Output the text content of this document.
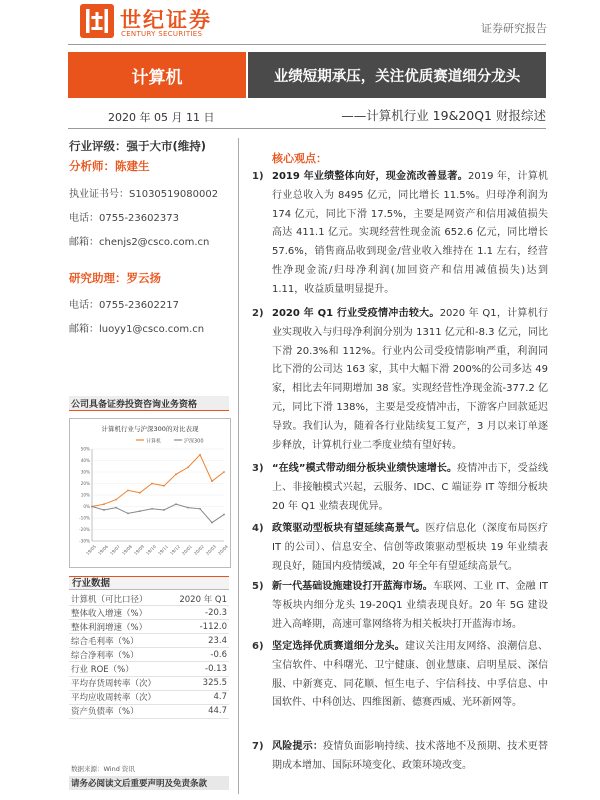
世纪证券
CENTURY SECURITIES	证券研究报告
计算机	业绩短期承压，关注优质赛道细分龙头
2020 年 05 月 11 日	——计算机行业 19&20Q1 财报综述
行业评级：强于大市(维持)
分析师：陈建生
执业证书号：S1030519080002
电话：0755-23602373
邮箱：chenjs2@csco.com.cn
研究助理：罗云扬
电话：0755-23602217
邮箱：luoyy1@csco.com.cn
公司具备证券投资咨询业务资格
计算机行业与沪深300的对比表现
计算机	沪深300
50%
40%
30%
20%
10%
0%
-10%
-20%
-30%
19/05 19/06 19/07 19/08 19/09 19/10 19/11 19/12 20/01 20/02 20/03 20/04
行业数据
计算机（可比口径）	2020 年 Q1
整体收入增速（%）	-20.3
整体利润增速（%）	-112.0
综合毛利率（%）	23.4
综合净利率（%）	-0.6
行业 ROE（%）	-0.13
平均存货周转率（次）	325.5
平均应收周转率（次）	4.7
资产负债率（%）	44.7
数据来源：Wind 资讯
请务必阅读文后重要声明及免责条款
核心观点：
1) 2019 年业绩整体向好，现金流改善显著。2019 年，计算机行业总收入为 8495 亿元，同比增长 11.5%。归母净利润为 174 亿元，同比下滑 17.5%，主要是网资产和信用减值损失高达 411.1 亿元。实现经营性现金流 652.6 亿元，同比增长 57.6%，销售商品收到现金/营业收入维持在 1.1 左右，经营性净现金流/归母净利润(加回资产和信用减值损失)达到 1.11，收益质量明显提升。
2) 2020 年 Q1 行业受疫情冲击较大。2020 年 Q1，计算机行业实现收入与归母净利润分别为 1311 亿元和-8.3 亿元，同比下滑 20.3%和 112%。行业内公司受疫情影响严重，利润同比下滑的公司达 163 家，其中大幅下滑 200%的公司多达 49 家，相比去年同期增加 38 家。实现经营性净现金流-377.2 亿元，同比下滑 138%，主要是受疫情冲击，下游客户回款延迟导致。我们认为，随着各行业陆续复工复产，3 月以来订单逐步释放，计算机行业二季度业绩有望好转。
3) “在线”模式带动细分板块业绩快速增长。疫情冲击下，受益线上、非接触模式兴起，云服务、IDC、C 端证券 IT 等细分板块 20 年 Q1 业绩表现优异。
4) 政策驱动型板块有望延续高景气。医疗信息化（深度布局医疗 IT 的公司）、信息安全、信创等政策驱动型板块 19 年业绩表现良好，随国内疫情缓减，20 年全年有望延续高景气。
5) 新一代基础设施建设打开蓝海市场。车联网、工业 IT、金融 IT 等板块内细分龙头 19-20Q1 业绩表现良好。20 年 5G 建设进入高峰期，高速可靠网络将为相关板块打开蓝海市场。
6) 坚定选择优质赛道细分龙头。建议关注用友网络、浪潮信息、宝信软件、中科曙光、卫宁健康、创业慧康、启明星辰、深信服、中新赛克、同花顺、恒生电子、宇信科技、中孚信息、中国软件、中科创达、四维图新、德赛西威、光环新网等。
7) 风险提示：疫情负面影响持续、技术落地不及预期、技术更替期成本增加、国际环境变化、政策环境改变。
